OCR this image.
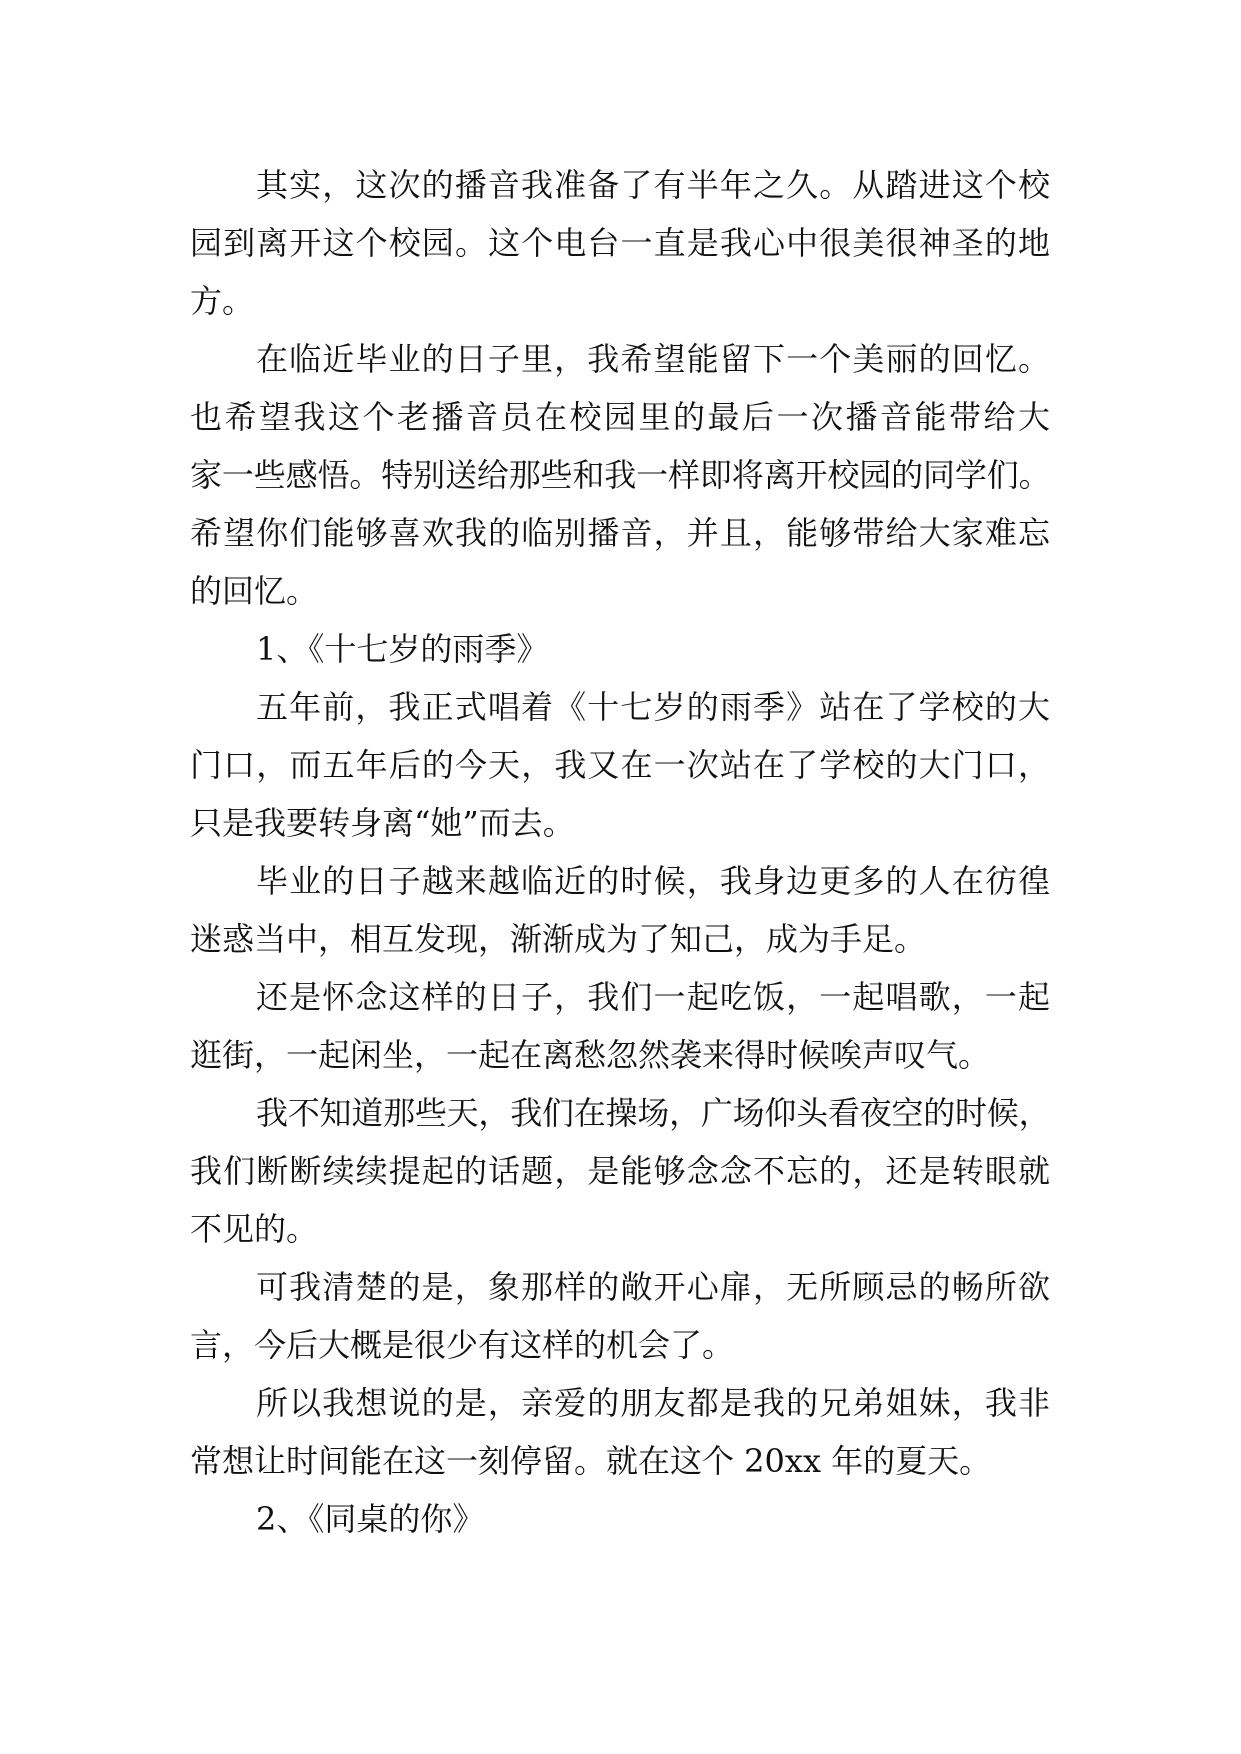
其实，这次的播音我准备了有半年之久。从踏进这个校
园到离开这个校园。这个电台一直是我心中很美很神圣的地
方。
在临近毕业的日子里，我希望能留下一个美丽的回忆。
也希望我这个老播音员在校园里的最后一次播音能带给大
家一些感悟。特别送给那些和我一样即将离开校园的同学们。
希望你们能够喜欢我的临别播音，并且，能够带给大家难忘
的回忆。
1、《十七岁的雨季》
五年前，我正式唱着《十七岁的雨季》站在了学校的大
门口，而五年后的今天，我又在一次站在了学校的大门口，
只是我要转身离“她”而去。
毕业的日子越来越临近的时候，我身边更多的人在彷徨
迷惑当中，相互发现，渐渐成为了知己，成为手足。
还是怀念这样的日子，我们一起吃饭，一起唱歌，一起
逛街，一起闲坐，一起在离愁忽然袭来得时候唉声叹气。
我不知道那些天，我们在操场，广场仰头看夜空的时候，
我们断断续续提起的话题，是能够念念不忘的，还是转眼就
不见的。
可我清楚的是，象那样的敞开心扉，无所顾忌的畅所欲
言，今后大概是很少有这样的机会了。
所以我想说的是，亲爱的朋友都是我的兄弟姐妹，我非
常想让时间能在这一刻停留。就在这个 20xx 年的夏天。
2、《同桌的你》
